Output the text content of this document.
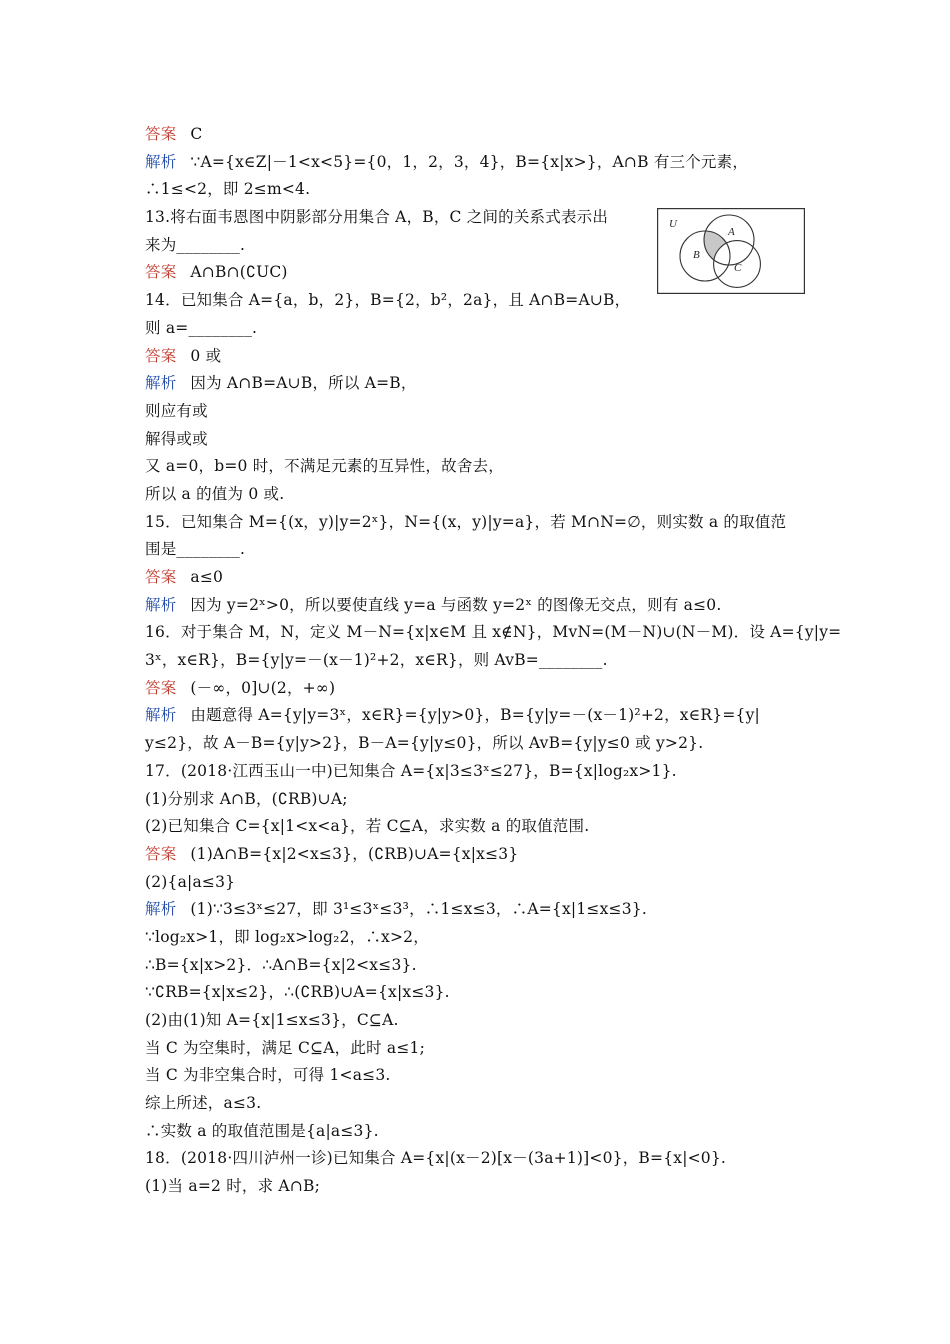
答案 C
解析 ∵A={x∈Z|－1<x<5}={0，1，2，3，4}，B={x|x>}，A∩B 有三个元素，
∴1≤<2，即 2≤m<4.
13.将右面韦恩图中阴影部分用集合 A，B，C 之间的关系式表示出
来为________.
答案 A∩B∩(∁UC)
14．已知集合 A={a，b，2}，B={2，b²，2a}，且 A∩B=A∪B，
则 a=________.
答案 0 或
解析 因为 A∩B=A∪B，所以 A=B，
则应有或
解得或或
又 a=0，b=0 时，不满足元素的互异性，故舍去，
所以 a 的值为 0 或.
15．已知集合 M={(x，y)|y=2ˣ}，N={(x，y)|y=a}，若 M∩N=∅，则实数 a 的取值范
围是________.
答案 a≤0
解析 因为 y=2ˣ>0，所以要使直线 y=a 与函数 y=2ˣ 的图像无交点，则有 a≤0.
16．对于集合 M，N，定义 M－N={x|x∈M 且 x∉N}，MvN=(M－N)∪(N－M)．设 A={y|y=
3ˣ，x∈R}，B={y|y=－(x－1)²+2，x∈R}，则 AvB=________.
答案 (－∞，0]∪(2，+∞)
解析 由题意得 A={y|y=3ˣ，x∈R}={y|y>0}，B={y|y=－(x－1)²+2，x∈R}={y|
y≤2}，故 A－B={y|y>2}，B－A={y|y≤0}，所以 AvB={y|y≤0 或 y>2}.
17．(2018·江西玉山一中)已知集合 A={x|3≤3ˣ≤27}，B={x|log₂x>1}.
(1)分别求 A∩B，(∁RB)∪A;
(2)已知集合 C={x|1<x<a}，若 C⊆A，求实数 a 的取值范围.
答案 (1)A∩B={x|2<x≤3}，(∁RB)∪A={x|x≤3}
(2){a|a≤3}
解析 (1)∵3≤3ˣ≤27，即 3¹≤3ˣ≤3³，∴1≤x≤3，∴A={x|1≤x≤3}.
∵log₂x>1，即 log₂x>log₂2，∴x>2，
∴B={x|x>2}．∴A∩B={x|2<x≤3}.
∵∁RB={x|x≤2}，∴(∁RB)∪A={x|x≤3}.
(2)由(1)知 A={x|1≤x≤3}，C⊆A.
当 C 为空集时，满足 C⊆A，此时 a≤1;
当 C 为非空集合时，可得 1<a≤3.
综上所述，a≤3.
∴实数 a 的取值范围是{a|a≤3}.
18．(2018·四川泸州一诊)已知集合 A={x|(x－2)[x－(3a+1)]<0}，B={x|<0}.
(1)当 a=2 时，求 A∩B;
U
A
B
C
